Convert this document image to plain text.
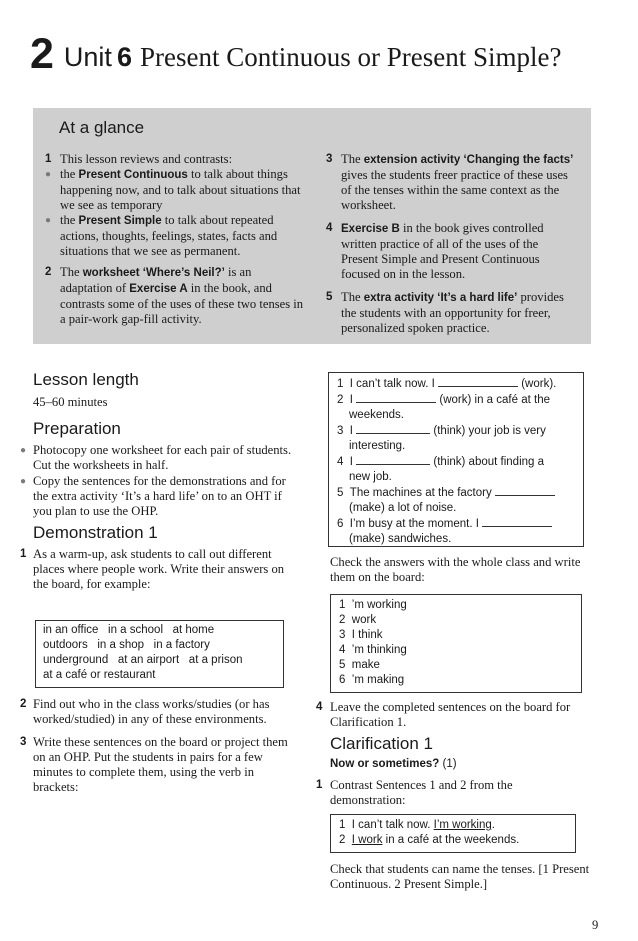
2 Unit 6 Present Continuous or Present Simple?
At a glance
1 This lesson reviews and contrasts:
● the Present Continuous to talk about things happening now, and to talk about situations that we see as temporary
● the Present Simple to talk about repeated actions, thoughts, feelings, states, facts and situations that we see as permanent.
2 The worksheet ‘Where’s Neil?’ is an adaptation of Exercise A in the book, and contrasts some of the uses of these two tenses in a pair-work gap-fill activity.
3 The extension activity ‘Changing the facts’ gives the students freer practice of these uses of the tenses within the same context as the worksheet.
4 Exercise B in the book gives controlled written practice of all of the uses of the Present Simple and Present Continuous focused on in the lesson.
5 The extra activity ‘It’s a hard life’ provides the students with an opportunity for freer, personalized spoken practice.
Lesson length
45–60 minutes
Preparation
● Photocopy one worksheet for each pair of students. Cut the worksheets in half.
● Copy the sentences for the demonstrations and for the extra activity ‘It’s a hard life’ on to an OHT if you plan to use the OHP.
Demonstration 1
1 As a warm-up, ask students to call out different places where people work. Write their answers on the board, for example:
in an office in a school at home
outdoors in a shop in a factory
underground at an airport at a prison
at a café or restaurant
2 Find out who in the class works/studies (or has worked/studied) in any of these environments.
3 Write these sentences on the board or project them on an OHP. Put the students in pairs for a few minutes to complete them, using the verb in brackets:
1 I can’t talk now. I	(work).
2 I	(work) in a café at the
weekends.
3 I	(think) your job is very
interesting.
4 I	(think) about finding a
new job.
5 The machines at the factory
(make) a lot of noise.
6 I’m busy at the moment. I
(make) sandwiches.
Check the answers with the whole class and write them on the board:
1 ’m working
2 work
3 I think
4 ’m thinking
5 make
6 ’m making
4 Leave the completed sentences on the board for Clarification 1.
Clarification 1
Now or sometimes? (1)
1 Contrast Sentences 1 and 2 from the demonstration:
1 I can’t talk now. I’m working.
2 I work in a café at the weekends.
Check that students can name the tenses. [1 Present Continuous. 2 Present Simple.]
9
